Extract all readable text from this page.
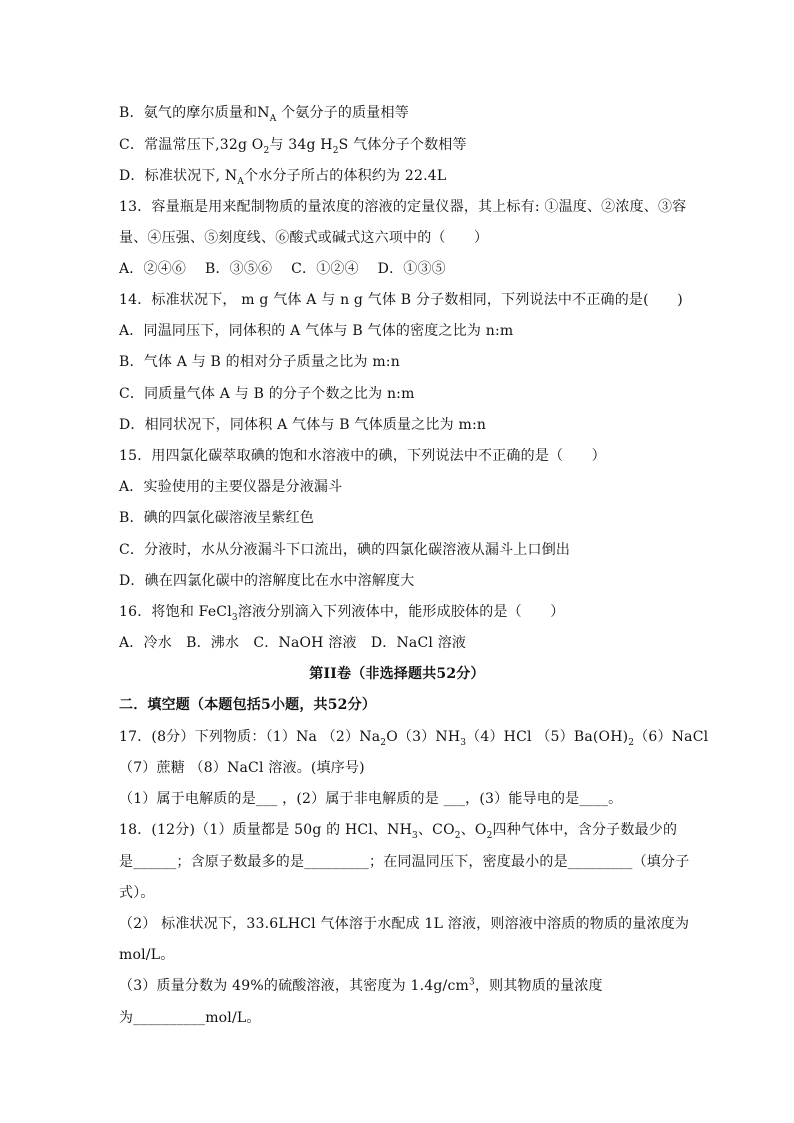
B．氨气的摩尔质量和$N_A$ 个氨分子的质量相等
C．常温常压下,32g $O_2$与 34g $H_2S$ 气体分子个数相等
D．标准状况下, $N_A$个水分子所占的体积约为 22.4L
13．容量瓶是用来配制物质的量浓度的溶液的定量仪器，其上标有: ①温度、②浓度、③容
量、④压强、⑤刻度线、⑥酸式或碱式这六项中的（　　）
A．②④⑥　 B．③⑤⑥　 C．①②④　 D．①③⑤
14．标准状况下， m g 气体 A 与 n g 气体 B 分子数相同，下列说法中不正确的是(　　)
A．同温同压下，同体积的 A 气体与 B 气体的密度之比为 n:m
B．气体 A 与 B 的相对分子质量之比为 m:n
C．同质量气体 A 与 B 的分子个数之比为 n:m
D．相同状况下，同体积 A 气体与 B 气体质量之比为 m:n
15．用四氯化碳萃取碘的饱和水溶液中的碘，下列说法中不正确的是（　　）
A．实验使用的主要仪器是分液漏斗
B．碘的四氯化碳溶液呈紫红色
C．分液时，水从分液漏斗下口流出，碘的四氯化碳溶液从漏斗上口倒出
D．碘在四氯化碳中的溶解度比在水中溶解度大
16．将饱和 FeCl$_3$溶液分别滴入下列液体中，能形成胶体的是（　　）
A．冷水　B．沸水　C．NaOH 溶液　D．NaCl 溶液
第II卷（非选择题共52分）
二．填空题（本题包括5小题，共52分）
17．(8分）下列物质：（1）Na $(2)Na_2O(3)NH_3(4)HCl$ $(5)Ba(OH)_2(6)NaCl$
（7）蔗糖 （8）NaCl 溶液。(填序号)
（1）属于电解质的是___ ，(2）属于非电解质的是 ___，(3）能导电的是____。
18．(12分)（1）质量都是 50g 的 HCl、$NH_3$、$CO_2$、$O_2$四种气体中，含分子数最少的
是______；含原子数最多的是_________；在同温同压下，密度最小的是_________（填分子
式）。
（2） 标准状况下，33.6LHCl 气体溶于水配成 1L 溶液，则溶液中溶质的物质的量浓度为
mol/L。
（3）质量分数为 49%的硫酸溶液，其密度为 $1.4g/cm^3$，则其物质的量浓度
为__________mol/L。
